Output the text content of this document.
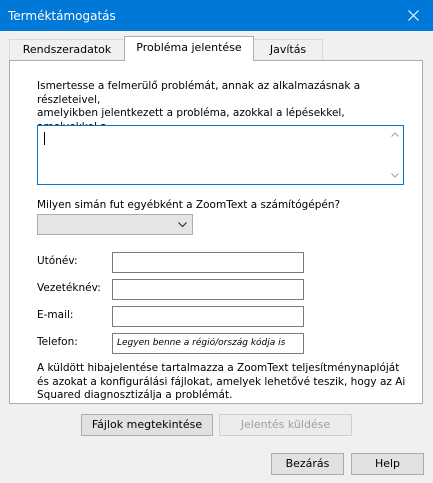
Terméktámogatás
Rendszeradatok	Probléma jelentése	Javítás
Ismertesse a felmerülő problémát, annak az alkalmazásnak a részleteivel,
amelyikben jelentkezett a probléma, azokkal a lépésekkel,
Milyen simán fut egyébként a ZoomText a számítógépén?
Utónév:
Vezetéknév:
E-mail:
Telefon:	Legyen benne a régió/ország kódja is
A küldött hibajelentése tartalmazza a ZoomText teljesítménynaplóját
és azokat a konfigurálási fájlokat, amelyek lehetővé teszik, hogy az Ai
Squared diagnosztizálja a problémát.
Fájlok megtekintése	Jelentés küldése
Bezárás	Help
